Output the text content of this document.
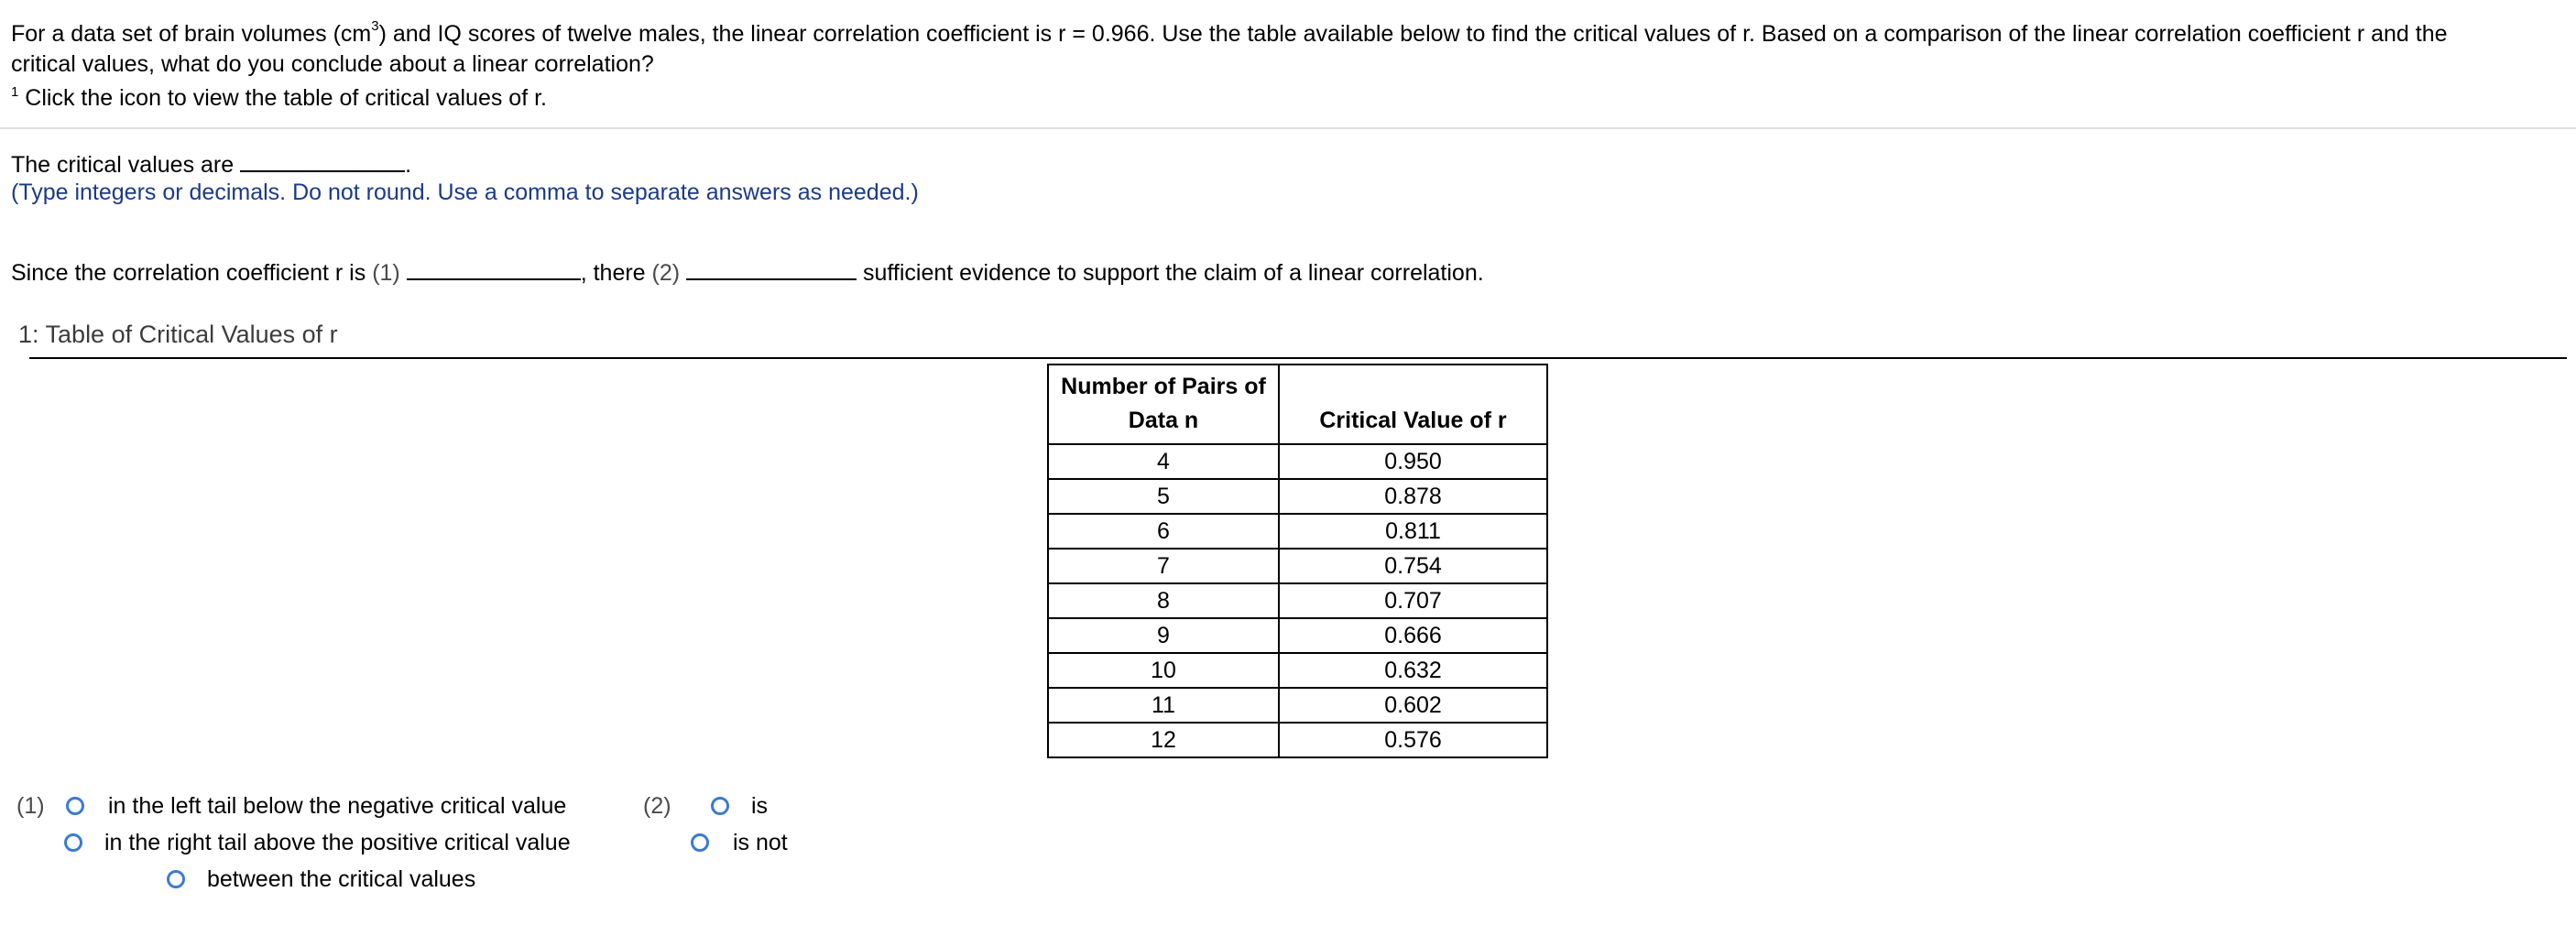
For a data set of brain volumes $(cm^3)$ and IQ scores of twelve males, the linear correlation coefficient is r = 0.966. Use the table available below to find the critical values of r. Based on a comparison of the linear correlation coefficient r and the
critical values, what do you conclude about a linear correlation?
$^1$ Click the icon to view the table of critical values of r.
The critical values are	.
(Type integers or decimals. Do not round. Use a comma to separate answers as needed.)
Since the correlation coefficient r is (1)	, there (2)	sufficient evidence to support the claim of a linear correlation.
1: Table of Critical Values of r
Number of Pairs of Data n	Critical Value of r
4	0.950
5	0.878
6	0.811
7	0.754
8	0.707
9	0.666
10	0.632
11	0.602
12	0.576
(1)	in the left tail below the negative critical value
in the right tail above the positive critical value
between the critical values
(2)	is
is not
